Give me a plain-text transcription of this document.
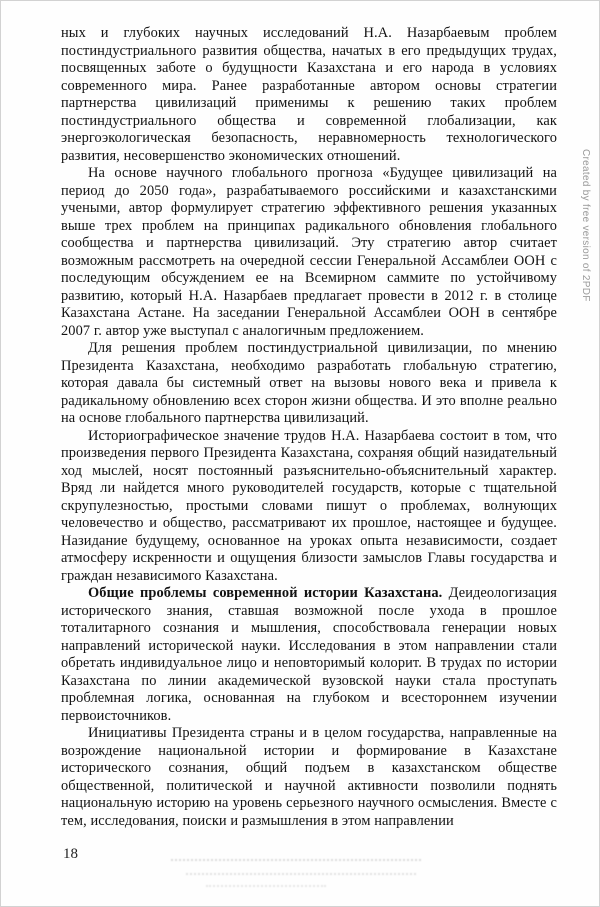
ных и глубоких научных исследований Н.А. Назарбаевым проблем постиндустриального развития общества, начатых в его предыдущих трудах, посвященных заботе о будущности Казахстана и его народа в условиях современного мира. Ранее разработанные автором основы стратегии партнерства цивилизаций применимы к решению таких проблем постиндустриального общества и современной глобализации, как энергоэкологическая безопасность, неравномерность технологического развития, несовершенство экономических отношений.

На основе научного глобального прогноза «Будущее цивилизаций на период до 2050 года», разрабатываемого российскими и казахстанскими учеными, автор формулирует стратегию эффективного решения указанных выше трех проблем на принципах радикального обновления глобального сообщества и партнерства цивилизаций. Эту стратегию автор считает возможным рассмотреть на очередной сессии Генеральной Ассамблеи ООН с последующим обсуждением ее на Всемирном саммите по устойчивому развитию, который Н.А. Назарбаев предлагает провести в 2012 г. в столице Казахстана Астане. На заседании Генеральной Ассамблеи ООН в сентябре 2007 г. автор уже выступал с аналогичным предложением.

Для решения проблем постиндустриальной цивилизации, по мнению Президента Казахстана, необходимо разработать глобальную стратегию, которая давала бы системный ответ на вызовы нового века и привела к радикальному обновлению всех сторон жизни общества. И это вполне реально на основе глобального партнерства цивилизаций.

Историографическое значение трудов Н.А. Назарбаева состоит в том, что произведения первого Президента Казахстана, сохраняя общий назидательный ход мыслей, носят постоянный разъяснительно-объяснительный характер. Вряд ли найдется много руководителей государств, которые с тщательной скрупулезностью, простыми словами пишут о проблемах, волнующих человечество и общество, рассматривают их прошлое, настоящее и будущее. Назидание будущему, основанное на уроках опыта независимости, создает атмосферу искренности и ощущения близости замыслов Главы государства и граждан независимого Казахстана.

Общие проблемы современной истории Казахстана. Деидеологизация исторического знания, ставшая возможной после ухода в прошлое тоталитарного сознания и мышления, способствовала генерации новых направлений исторической науки. Исследования в этом направлении стали обретать индивидуальное лицо и неповторимый колорит. В трудах по истории Казахстана по линии академической вузовской науки стала проступать проблемная логика, основанная на глубоком и всестороннем изучении первоисточников.

Инициативы Президента страны и в целом государства, направленные на возрождение национальной истории и формирование в Казахстане исторического сознания, общий подъем в казахстанском обществе общественной, политической и научной активности позволили поднять национальную историю на уровень серьезного научного осмысления. Вместе с тем, исследования, поиски и размышления в этом направлении

18
Created by free version of 2PDF
